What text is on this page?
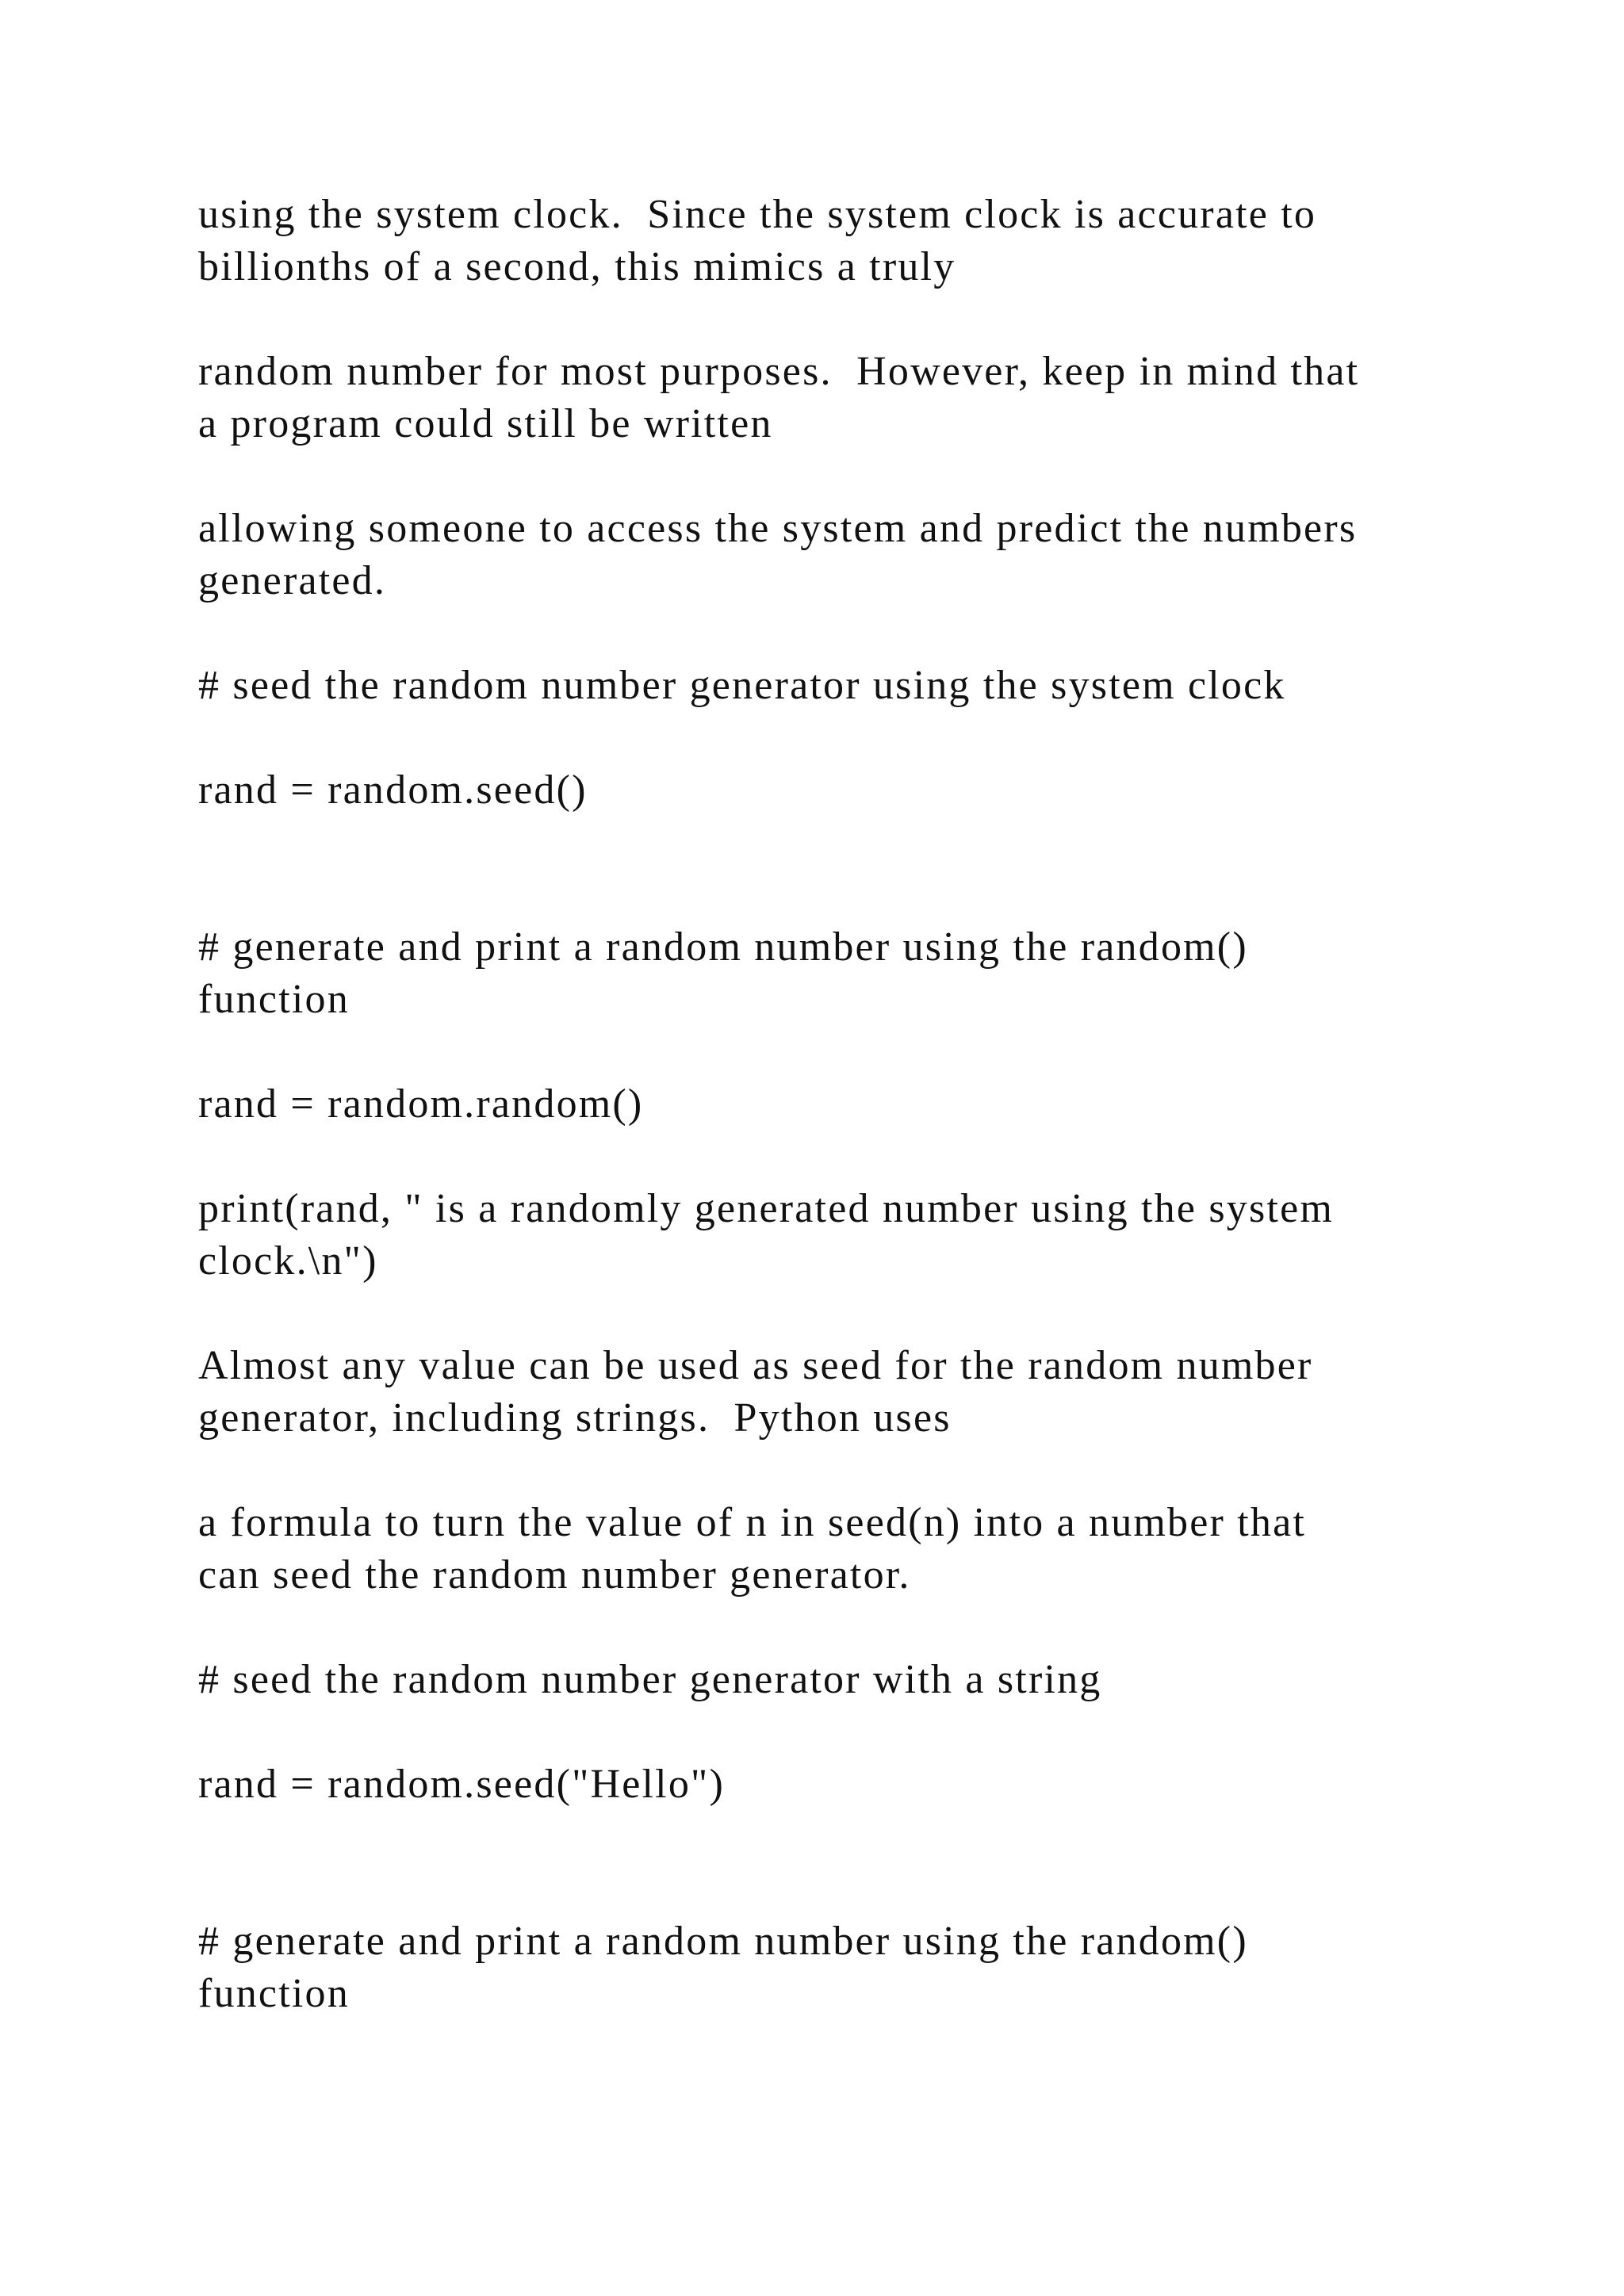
using the system clock.  Since the system clock is accurate to
billionths of a second, this mimics a truly

random number for most purposes.  However, keep in mind that
a program could still be written

allowing someone to access the system and predict the numbers
generated.

# seed the random number generator using the system clock

rand = random.seed()

# generate and print a random number using the random()
function

rand = random.random()

print(rand, " is a randomly generated number using the system
clock.\n")

Almost any value can be used as seed for the random number
generator, including strings.  Python uses

a formula to turn the value of n in seed(n) into a number that
can seed the random number generator.

# seed the random number generator with a string

rand = random.seed("Hello")

# generate and print a random number using the random()
function
